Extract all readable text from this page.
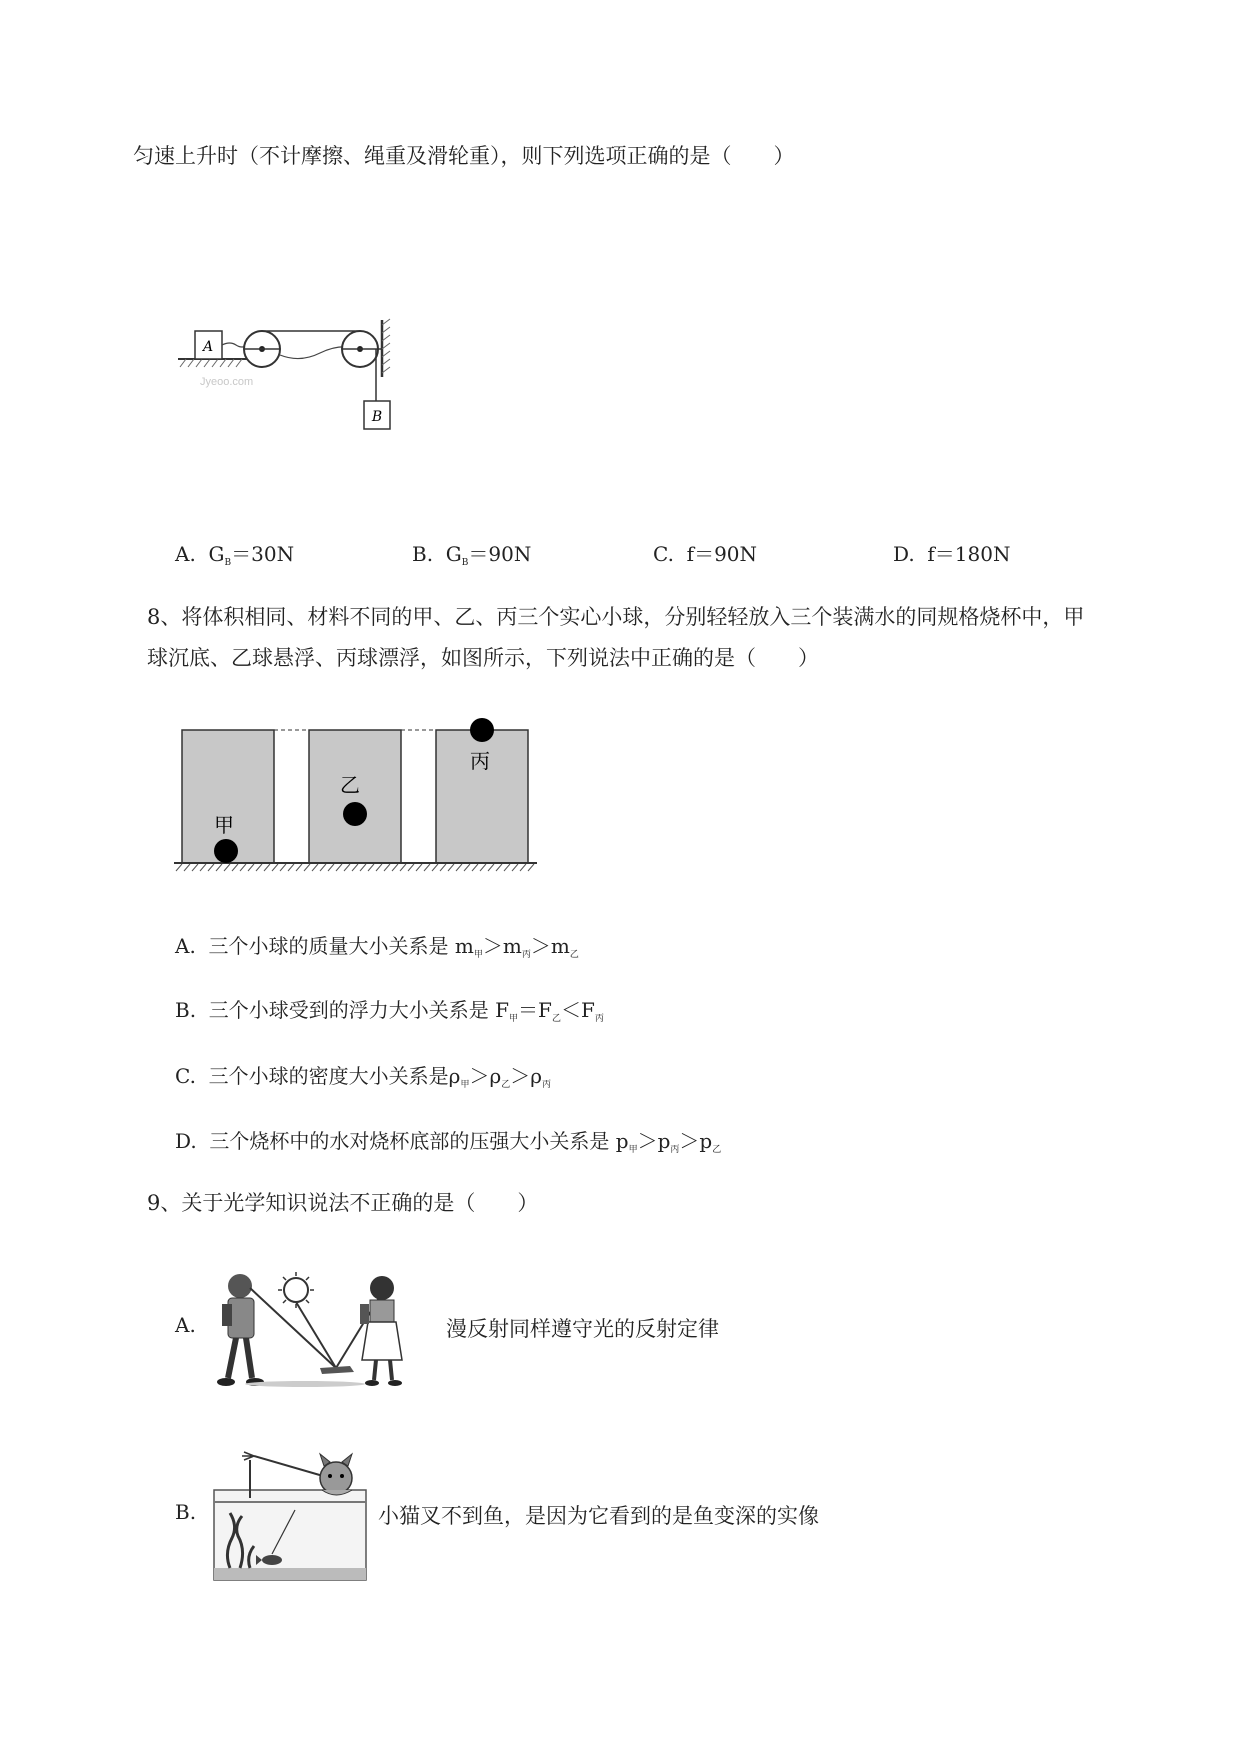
匀速上升时（不计摩擦、绳重及滑轮重），则下列选项正确的是（　　）
A
B
Jyeoo.com
A. $G_B=30N$	B. $G_B=90N$	C. f＝90N	D. f＝180N
8、将体积相同、材料不同的甲、乙、丙三个实心小球，分别轻轻放入三个装满水的同规格烧杯中，甲
球沉底、乙球悬浮、丙球漂浮，如图所示，下列说法中正确的是（　　）
甲
乙
丙
A. 三个小球的质量大小关系是 $m_甲>m_丙>m_乙$
B. 三个小球受到的浮力大小关系是 $F_甲=F_乙<F_丙$
C. 三个小球的密度大小关系是$\rho_甲>\rho_乙>\rho_丙$
D. 三个烧杯中的水对烧杯底部的压强大小关系是 $p_甲>p_丙>p_乙$
9、关于光学知识说法不正确的是（　　）
A.	漫反射同样遵守光的反射定律
B.	小猫叉不到鱼，是因为它看到的是鱼变深的实像
